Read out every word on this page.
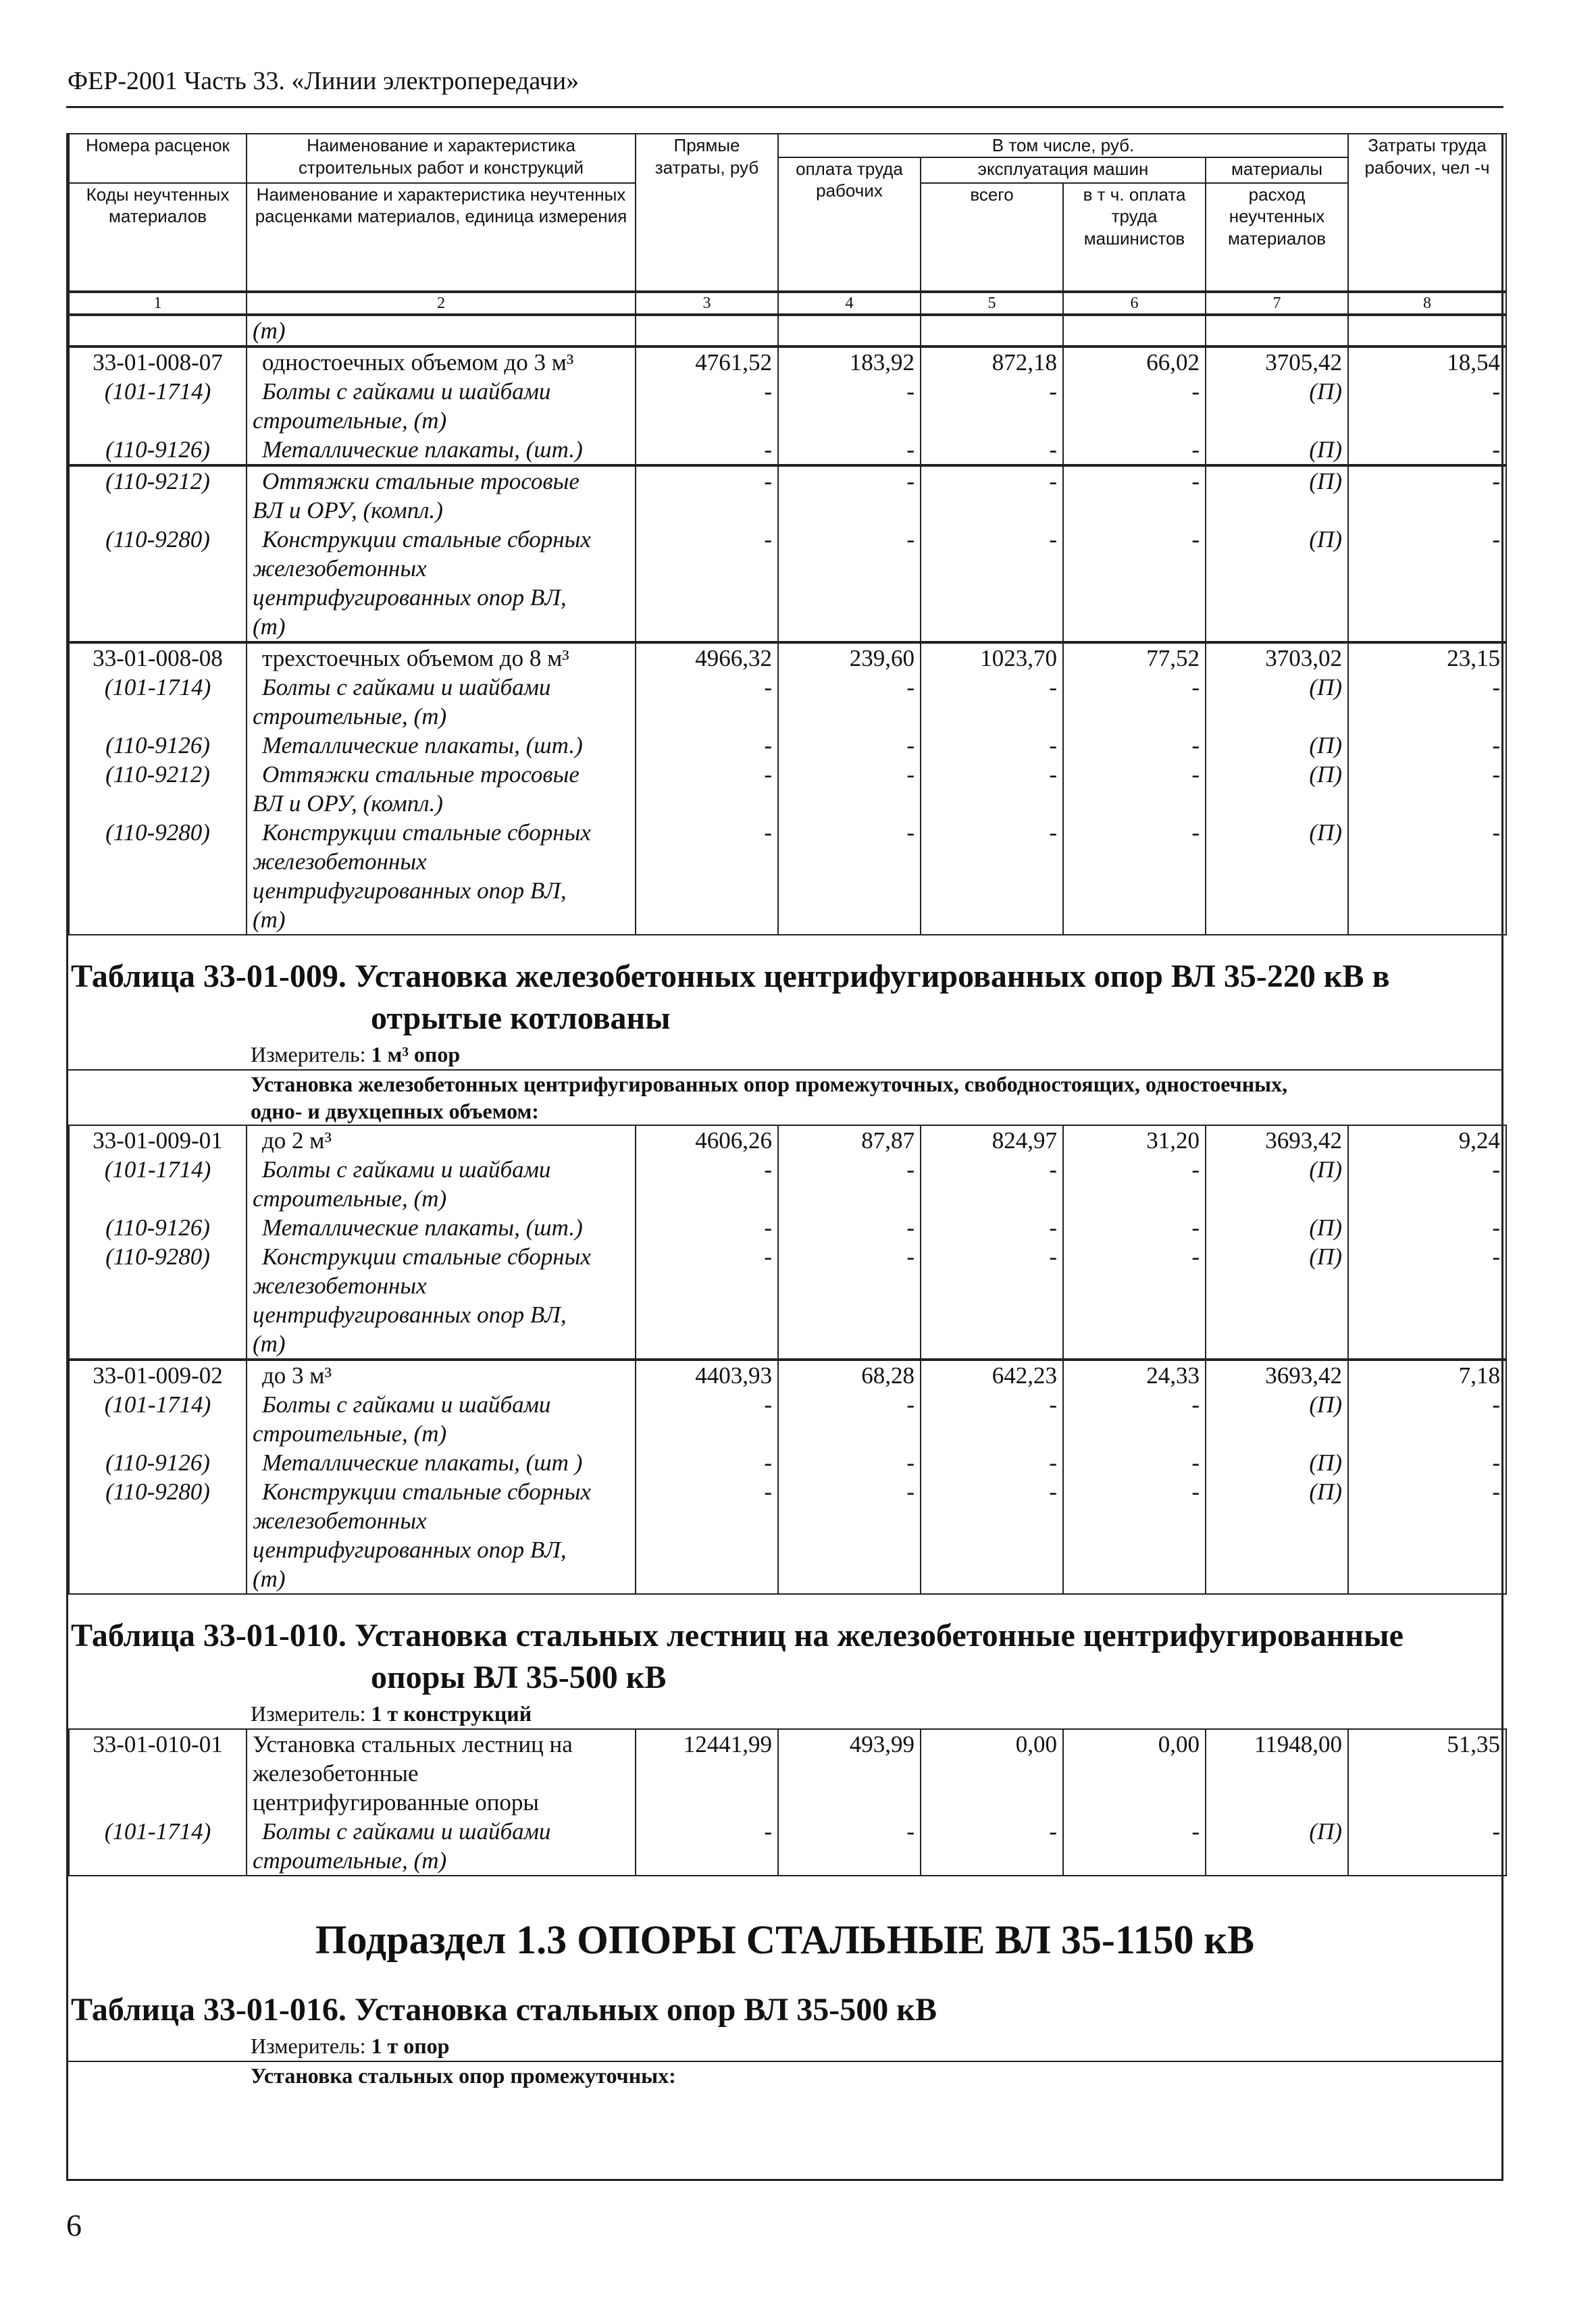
ФЕР-2001 Часть 33. «Линии электропередачи»
Номера расценок	Наименование и характеристика строительных работ и конструкций	Прямые затраты, руб	В том числе, руб.				Затраты труда рабочих, чел -ч
			оплата труда рабочих	эксплуатация машин		материалы	
Коды неучтенных материалов	Наименование и характеристика неучтенных расценками материалов, единица измерения			всего	в т ч. оплата труда машинистов	расход неучтенных материалов	

1	2	3	4	5	6	7	8
	(т)						
33-01-008-07	одностоечных объемом до 3 м³	4761,52	183,92	872,18	66,02	3705,42	18,54
(101-1714)	Болты с гайками и шайбами	-	-	-	-	(П)	-
	строительные, (т)						
(110-9126)	Металлические плакаты, (шт.)	-	-	-	-	(П)	-
(110-9212)	Оттяжки стальные тросовые	-	-	-	-	(П)	-
	ВЛ и ОРУ, (компл.)						
(110-9280)	Конструкции стальные сборных	-	-	-	-	(П)	-
	железобетонных						
	центрифугированных опор ВЛ,						
	(т)						
33-01-008-08	трехстоечных объемом до 8 м³	4966,32	239,60	1023,70	77,52	3703,02	23,15
(101-1714)	Болты с гайками и шайбами	-	-	-	-	(П)	-
	строительные, (т)						
(110-9126)	Металлические плакаты, (шт.)	-	-	-	-	(П)	-
(110-9212)	Оттяжки стальные тросовые	-	-	-	-	(П)	-
	ВЛ и ОРУ, (компл.)						
(110-9280)	Конструкции стальные сборных	-	-	-	-	(П)	-
	железобетонных						
	центрифугированных опор ВЛ,						
	(т)						
Таблица 33-01-009. Установка железобетонных центрифугированных опор ВЛ 35-220 кВ в
отрытые котлованы
Измеритель: 1 м³ опор
Установка железобетонных центрифугированных опор промежуточных, свободностоящих, одностоечных,
одно- и двухцепных объемом:
33-01-009-01	до 2 м³	4606,26	87,87	824,97	31,20	3693,42	9,24
(101-1714)	Болты с гайками и шайбами	-	-	-	-	(П)	-
	строительные, (т)						
(110-9126)	Металлические плакаты, (шт.)	-	-	-	-	(П)	-
(110-9280)	Конструкции стальные сборных	-	-	-	-	(П)	-
	железобетонных						
	центрифугированных опор ВЛ,						
	(т)						
33-01-009-02	до 3 м³	4403,93	68,28	642,23	24,33	3693,42	7,18
(101-1714)	Болты с гайками и шайбами	-	-	-	-	(П)	-
	строительные, (т)						
(110-9126)	Металлические плакаты, (шт )	-	-	-	-	(П)	-
(110-9280)	Конструкции стальные сборных	-	-	-	-	(П)	-
	железобетонных						
	центрифугированных опор ВЛ,						
	(т)						
Таблица 33-01-010. Установка стальных лестниц на железобетонные центрифугированные
опоры ВЛ 35-500 кВ
Измеритель: 1 т конструкций
33-01-010-01	Установка стальных лестниц на	12441,99	493,99	0,00	0,00	11948,00	51,35
	железобетонные						
	центрифугированные опоры						
(101-1714)	Болты с гайками и шайбами	-	-	-	-	(П)	-
	строительные, (т)						
Подраздел 1.3 ОПОРЫ СТАЛЬНЫЕ ВЛ 35-1150 кВ
Таблица 33-01-016. Установка стальных опор ВЛ 35-500 кВ
Измеритель: 1 т опор
Установка стальных опор промежуточных:
6
